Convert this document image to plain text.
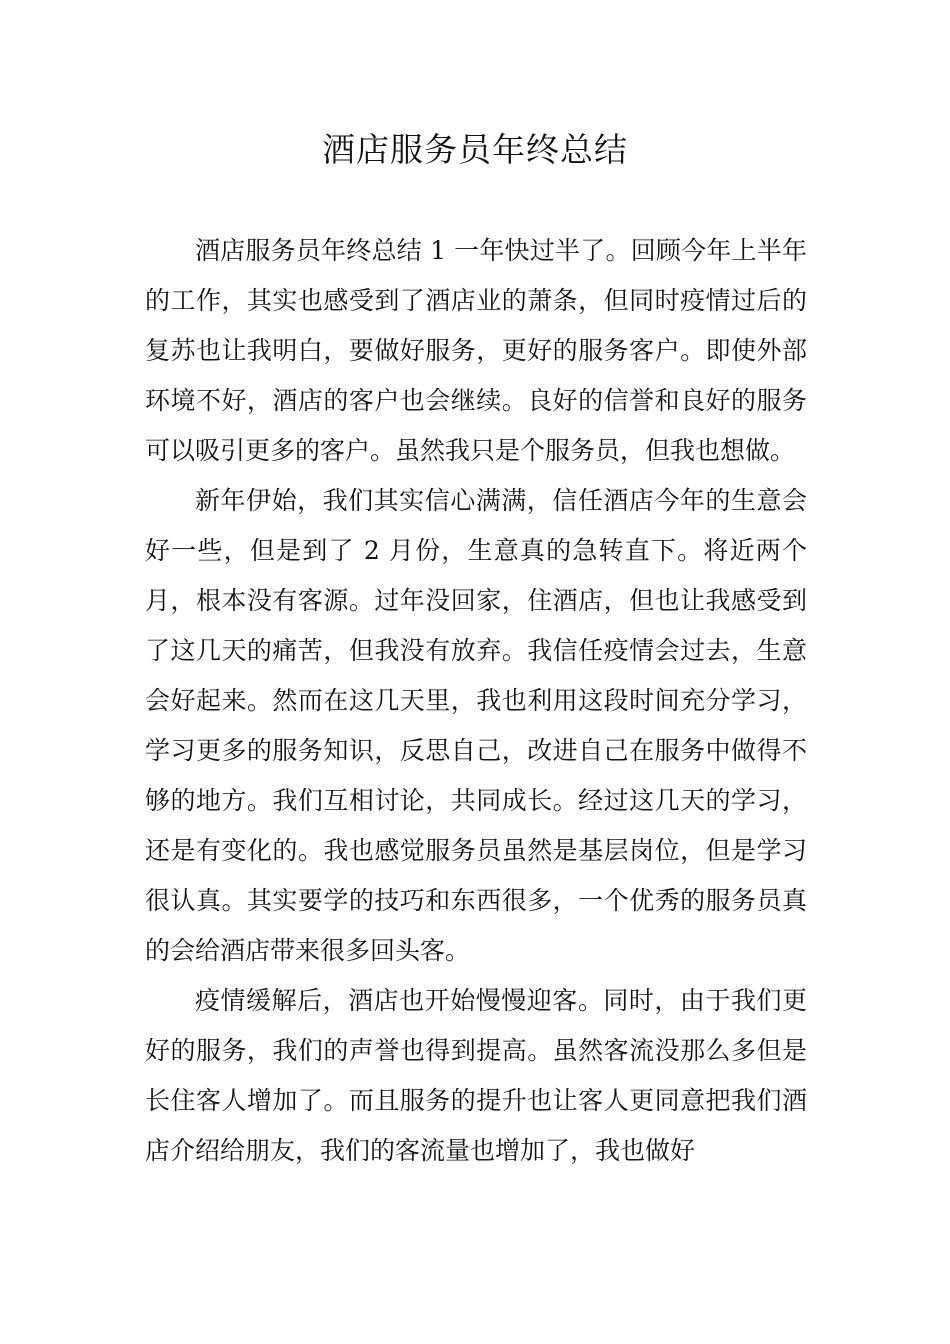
酒店服务员年终总结

酒店服务员年终总结 1 一年快过半了。回顾今年上半年的工作，其实也感受到了酒店业的萧条，但同时疫情过后的复苏也让我明白，要做好服务，更好的服务客户。即使外部环境不好，酒店的客户也会继续。良好的信誉和良好的服务可以吸引更多的客户。虽然我只是个服务员，但我也想做。

新年伊始，我们其实信心满满，信任酒店今年的生意会好一些，但是到了 2 月份，生意真的急转直下。将近两个月，根本没有客源。过年没回家，住酒店，但也让我感受到了这几天的痛苦，但我没有放弃。我信任疫情会过去，生意会好起来。然而在这几天里，我也利用这段时间充分学习，学习更多的服务知识，反思自己，改进自己在服务中做得不够的地方。我们互相讨论，共同成长。经过这几天的学习，还是有变化的。我也感觉服务员虽然是基层岗位，但是学习很认真。其实要学的技巧和东西很多，一个优秀的服务员真的会给酒店带来很多回头客。

疫情缓解后，酒店也开始慢慢迎客。同时，由于我们更好的服务，我们的声誉也得到提高。虽然客流没那么多但是长住客人增加了。而且服务的提升也让客人更同意把我们酒店介绍给朋友，我们的客流量也增加了，我也做好
